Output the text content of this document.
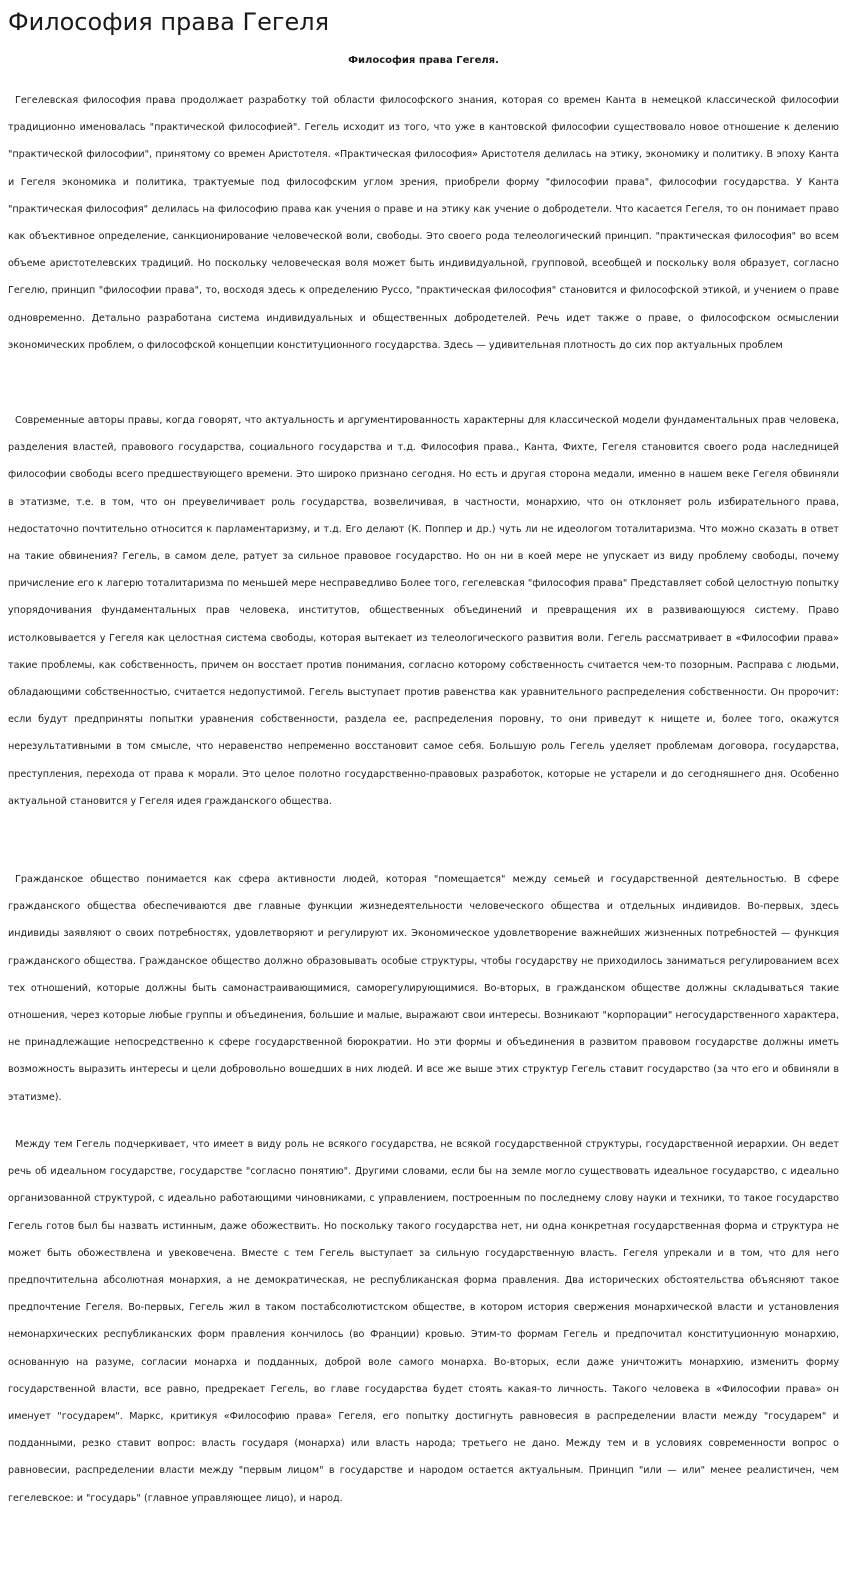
Философия права Гегеля

Философия права Гегеля.

Гегелевская философия права продолжает разработку той области философского знания, которая со времен Канта в немецкой классической философии традиционно именовалась "практической философией". Гегель исходит из того, что уже в кантовской философии существовало новое отношение к делению "практической философии", принятому со времен Аристотеля. «Практическая философия» Аристотеля делилась на этику, экономику и политику. В эпоху Канта и Гегеля экономика и политика, трактуемые под философским углом зрения, приобрели форму "философии права", философии государства. У Канта "практическая философия" делилась на философию права как учения о праве и на этику как учение о добродетели. Что касается Гегеля, то он понимает право как объективное определение, санкционирование человеческой воли, свободы. Это своего рода телеологический принцип. "практическая философия" во всем объеме аристотелевских традиций. Но поскольку человеческая воля может быть индивидуальной, групповой, всеобщей и поскольку воля образует, согласно Гегелю, принцип "философии права", то, восходя здесь к определению Руссо, "практическая философия" становится и философской этикой, и учением о праве одновременно. Детально разработана система индивидуальных и общественных добродетелей. Речь идет также о праве, о философском осмыслении экономических проблем, о философской концепции конституционного государства. Здесь — удивительная плотность до сих пор актуальных проблем

Современные авторы правы, когда говорят, что актуальность и аргументированность характерны для классической модели фундаментальных прав человека, разделения властей, правового государства, социального государства и т.д. Философия права., Канта, Фихте, Гегеля становится своего рода наследницей философии свободы всего предшествующего времени. Это широко признано сегодня. Но есть и другая сторона медали, именно в нашем веке Гегеля обвиняли в этатизме, т.е. в том, что он преувеличивает роль государства, возвеличивая, в частности, монархию, что он отклоняет роль избирательного права, недостаточно почтительно относится к парламентаризму, и т.д. Его делают (К. Поппер и др.) чуть ли не идеологом тоталитаризма. Что можно сказать в ответ на такие обвинения? Гегель, в самом деле, ратует за сильное правовое государство. Но он ни в коей мере не упускает из виду проблему свободы, почему причисление его к лагерю тоталитаризма по меньшей мере несправедливо Более того, гегелевская "философия права" Представляет собой целостную попытку упорядочивания фундаментальных прав человека, институтов, общественных объединений и превращения их в развивающуюся систему. Право истолковывается у Гегеля как целостная система свободы, которая вытекает из телеологического развития воли. Гегель рассматривает в «Философии права» такие проблемы, как собственность, причем он восстает против понимания, согласно которому собственность считается чем-то позорным. Расправа с людьми, обладающими собственностью, считается недопустимой. Гегель выступает против равенства как уравнительного распределения собственности. Он пророчит: если будут предприняты попытки уравнения собственности, раздела ее, распределения поровну, то они приведут к нищете и, более того, окажутся нерезультативными в том смысле, что неравенство непременно восстановит самое себя. Большую роль Гегель уделяет проблемам договора, государства, преступления, перехода от права к морали. Это целое полотно государственно-правовых разработок, которые не устарели и до сегодняшнего дня. Особенно актуальной становится у Гегеля идея гражданского общества.

Гражданское общество понимается как сфера активности людей, которая "помещается" между семьей и государственной деятельностью. В сфере гражданского общества обеспечиваются две главные функции жизнедеятельности человеческого общества и отдельных индивидов. Во-первых, здесь индивиды заявляют о своих потребностях, удовлетворяют и регулируют их. Экономическое удовлетворение важнейших жизненных потребностей — функция гражданского общества. Гражданское общество должно образовывать особые структуры, чтобы государству не приходилось заниматься регулированием всех тех отношений, которые должны быть самонастраивающимися, саморегулирующимися. Во-вторых, в гражданском обществе должны складываться такие отношения, через которые любые группы и объединения, большие и малые, выражают свои интересы. Возникают "корпорации" негосударственного характера, не принадлежащие непосредственно к сфере государственной бюрократии. Но эти формы и объединения в развитом правовом государстве должны иметь возможность выразить интересы и цели добровольно вошедших в них людей. И все же выше этих структур Гегель ставит государство (за что его и обвиняли в этатизме).

Между тем Гегель подчеркивает, что имеет в виду роль не всякого государства, не всякой государственной структуры, государственной иерархии. Он ведет речь об идеальном государстве, государстве "согласно понятию". Другими словами, если бы на земле могло существовать идеальное государство, с идеально организованной структурой, с идеально работающими чиновниками, с управлением, построенным по последнему слову науки и техники, то такое государство Гегель готов был бы назвать истинным, даже обожествить. Но поскольку такого государства нет, ни одна конкретная государственная форма и структура не может быть обожествлена и увековечена. Вместе с тем Гегель выступает за сильную государственную власть. Гегеля упрекали и в том, что для него предпочтительна абсолютная монархия, а не демократическая, не республиканская форма правления. Два исторических обстоятельства объясняют такое предпочтение Гегеля. Во-первых, Гегель жил в таком постабсолютистском обществе, в котором история свержения монархической власти и установления немонархических республиканских форм правления кончилось (во Франции) кровью. Этим-то формам Гегель и предпочитал конституционную монархию, основанную на разуме, согласии монарха и подданных, доброй воле самого монарха. Во-вторых, если даже уничтожить монархию, изменить форму государственной власти, все равно, предрекает Гегель, во главе государства будет стоять какая-то личность. Такого человека в «Философии права» он именует "государем". Маркс, критикуя «Философию права» Гегеля, его попытку достигнуть равновесия в распределении власти между "государем" и подданными, резко ставит вопрос: власть государя (монарха) или власть народа; третьего не дано. Между тем и в условиях современности вопрос о равновесии, распределении власти между "первым лицом" в государстве и народом остается актуальным. Принцип "или — или" менее реалистичен, чем гегелевское: и "государь" (главное управляющее лицо), и народ.
